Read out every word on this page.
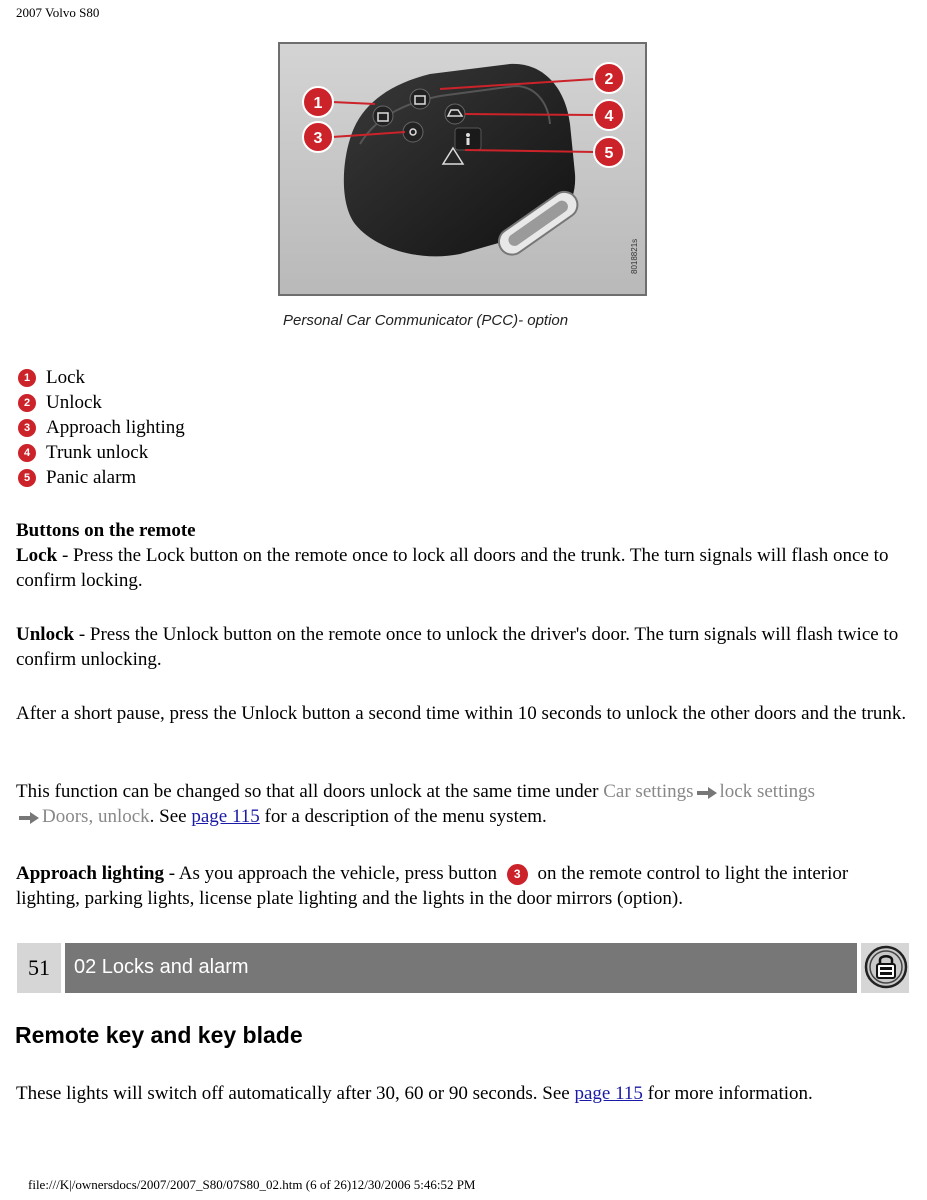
2007 Volvo S80
1
2
3
4
5
8018821s
Personal Car Communicator (PCC)- option
1 Lock
2 Unlock
3 Approach lighting
4 Trunk unlock
5 Panic alarm

Buttons on the remote
Lock - Press the Lock button on the remote once to lock all doors and the trunk. The turn signals will flash once to confirm locking.

Unlock - Press the Unlock button on the remote once to unlock the driver's door. The turn signals will flash twice to confirm unlocking.

After a short pause, press the Unlock button a second time within 10 seconds to unlock the other doors and the trunk.

This function can be changed so that all doors unlock at the same time under Car settings lock settings
Doors, unlock. See page 115 for a description of the menu system.

Approach lighting - As you approach the vehicle, press button 3 on the remote control to light the interior lighting, parking lights, license plate lighting and the lights in the door mirrors (option).

51	02 Locks and alarm
Remote key and key blade

These lights will switch off automatically after 30, 60 or 90 seconds. See page 115 for more information.

file:///K|/ownersdocs/2007/2007_S80/07S80_02.htm (6 of 26)12/30/2006 5:46:52 PM
